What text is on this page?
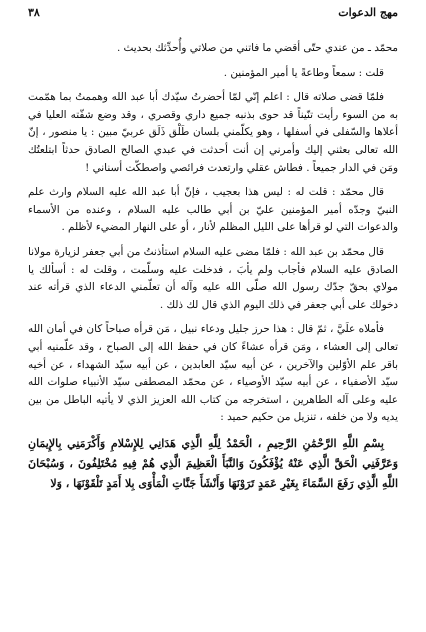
٣٨	مهج الدعوات

محمّد ـ من عندي حتّى أقضي ما فاتني من صلاتي وأُحدِّثك بحديث .

قلت : سمعاً وطاعةً يا أمير المؤمنين .

فلمّا قضى صلاته قال : اعلم إنّي لمّا أحضرتُ سيّدك أبا عبد الله وهممتُ بما همّمت به من السوء رأيت تنّيناً قد حوى بذنبه جميع داري وقصري ، وقد وضع شفّته العليا في أعلاها والسّفلى في أسفلها ، وهو يكلّمني بلسان طَلْق ذَلَق عربيّ مبين : يا منصور ، إنّ الله تعالى بعثني إليك وأمرني إن أنت أحدثت في عبدي الصالح الصادق حدثاً ابتلعتُك ومَن في الدار جميعاً . فطاش عقلي وارتعدت فرائصي واصطكّت أسناني !

قال محمّد : قلت له : ليس هذا بعجيب ، فإنّ أبا عبد الله عليه السلام وارث علم النبيّ وجدّه أمير المؤمنين عليّ بن أبي طالب عليه السلام ، وعنده من الأسماء والدعوات التي لو قرأها على الليل المظلم لأنار ، أو على النهار المضيء لأظلم .

قال محمّد بن عبد الله : فلمّا مضى عليه السلام استأذنتُ من أبي جعفر لزيارة مولانا الصادق عليه السلام فأجاب ولم يأبَ ، فدخلت عليه وسلّمت ، وقلت له : أسألك يا مولاي بحقّ جدّك رسول الله صلّى الله عليه وآله أن تعلّمني الدعاء الذي قرأته عند دخولك على أبي جعفر في ذلك اليوم الذي قال لك ذلك .

فأملاه علَيَّ ، ثمّ قال : هذا حرز جليل ودعاء نبيل ، مَن قرأه صباحاً كان في أمان الله تعالى إلى العشاء ، ومَن قرأه عشاءً كان في حفظ الله إلى الصباح ، وقد علّمنيه أبي باقر علم الأوّلين والآخرين ، عن أبيه سيّد العابدين ، عن أبيه سيّد الشهداء ، عن أخيه سيّد الأصفياء ، عن أبيه سيّد الأوصياء ، عن محمّد المصطفى سيّد الأنبياء صلوات الله عليه وعلى آله الطاهرين ، استخرجه من كتاب الله العزيز الذي لا يأتيه الباطل من بين يديه ولا من خلفه ، تنزيل من حكيم حميد :

بِسْمِ اللَّهِ الرَّحْمَٰنِ الرَّحِيمِ ، الْحَمْدُ لِلَّهِ الَّذِي هَدَانِي لِلإِسْلامِ وَأَكْرَمَنِي بِالإِيمَانِ وَعَرَّفَنِي الْحَقَّ الَّذِي عَنْهُ يُؤْفَكُونَ وَالنَّبَأَ الْعَظِيمَ الَّذِي هُمْ فِيهِ مُخْتَلِفُونَ ، وَسُبْحَانَ اللَّهِ الَّذِي رَفَعَ السَّمَاءَ بِغَيْرِ عَمَدٍ تَرَوْنَهَا وَأَنْشَأَ جَنَّاتِ الْمَأْوَى بِلا أَمَدٍ تَلْقَوْنَهَا ، وَلا
